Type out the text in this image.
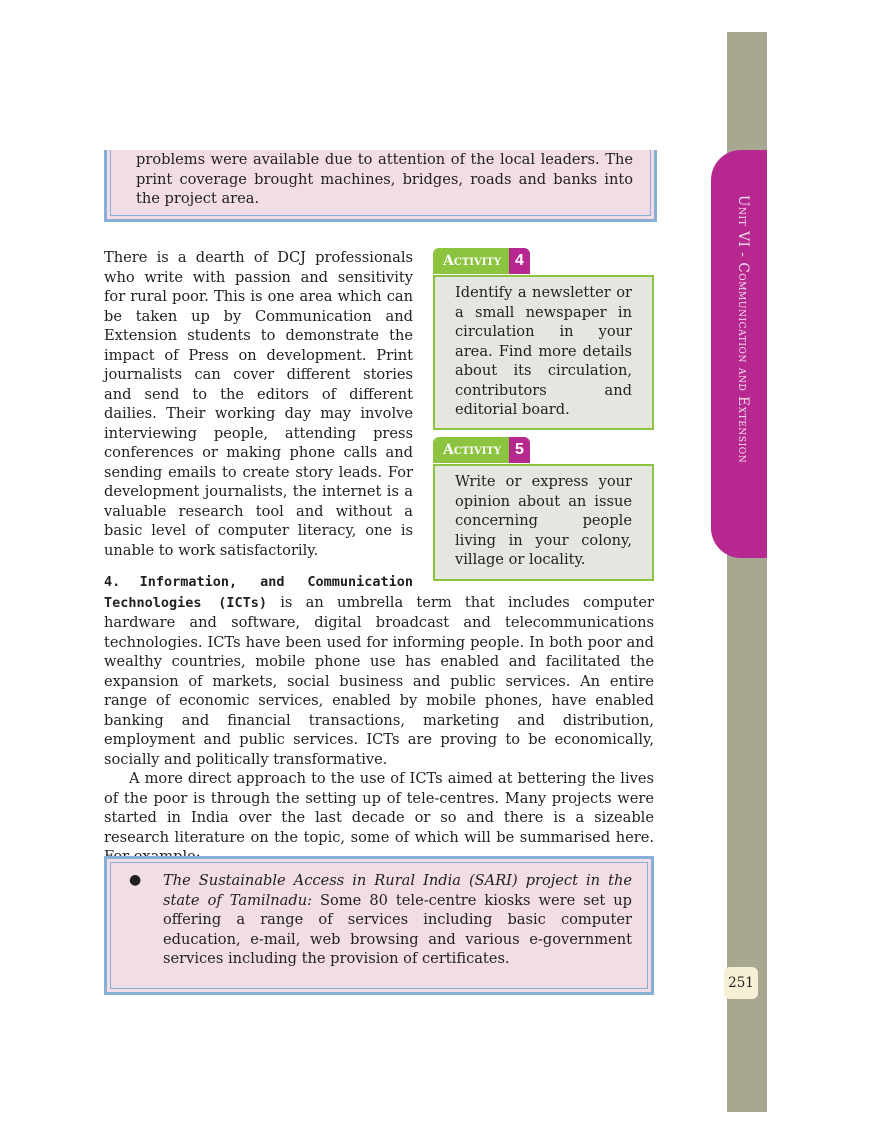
Unit VI - Communication and Extension
251
problems were available due to attention of the local leaders. The print coverage brought machines, bridges, roads and banks into the project area.

There is a dearth of DCJ professionals who write with passion and sensitivity for rural poor. This is one area which can be taken up by Communication and Extension students to demonstrate the impact of Press on development. Print journalists can cover different stories and send to the editors of different dailies. Their working day may involve interviewing people, attending press conferences or making phone calls and sending emails to create story leads. For development journalists, the internet is a valuable research tool and without a basic level of computer literacy, one is unable to work satisfactorily.

Activity 4

Identify a newsletter or a small newspaper in circulation in your area. Find more details about its circulation, contributors and editorial board.

Activity 5

Write or express your opinion about an issue concerning people living in your colony, village or locality.

4. Information, and Communication

Technologies (ICTs) is an umbrella term that includes computer hardware and software, digital broadcast and telecommunications technologies. ICTs have been used for informing people. In both poor and wealthy countries, mobile phone use has enabled and facilitated the expansion of markets, social business and public services. An entire range of economic services, enabled by mobile phones, have enabled banking and financial transactions, marketing and distribution, employment and public services. ICTs are proving to be economically, socially and politically transformative.

A more direct approach to the use of ICTs aimed at bettering the lives of the poor is through the setting up of tele-centres. Many projects were started in India over the last decade or so and there is a sizeable research literature on the topic, some of which will be summarised here.

●	The Sustainable Access in Rural India (SARI) project in the state of Tamilnadu: Some 80 tele-centre kiosks were set up offering a range of services including basic computer education, e-mail, web browsing and various e-government services including the provision of certificates.
